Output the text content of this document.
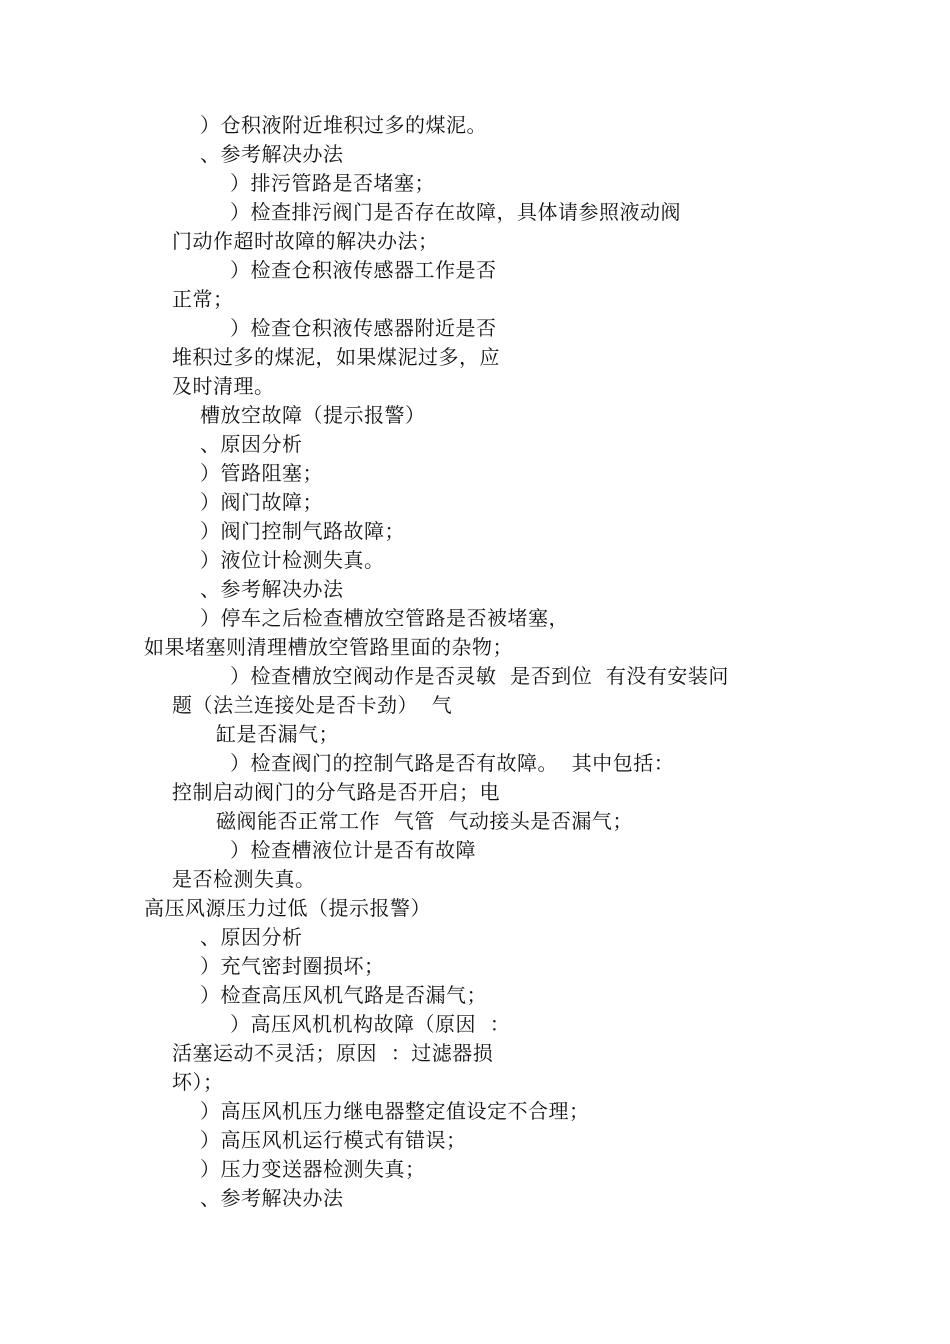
）仓积液附近堆积过多的煤泥。
、参考解决办法
）排污管路是否堵塞；
）检查排污阀门是否存在故障，具体请参照液动阀
门动作超时故障的解决办法；
）检查仓积液传感器工作是否
正常；
）检查仓积液传感器附近是否
堆积过多的煤泥，如果煤泥过多，应
及时清理。
槽放空故障（提示报警）
、原因分析
）管路阻塞；
）阀门故障；
）阀门控制气路故障；
）液位计检测失真。
、参考解决办法
）停车之后检查槽放空管路是否被堵塞，
如果堵塞则清理槽放空管路里面的杂物；
）检查槽放空阀动作是否灵敏  是否到位  有没有安装问
题（法兰连接处是否卡劲）  气
缸是否漏气；
）检查阀门的控制气路是否有故障。  其中包括：
控制启动阀门的分气路是否开启；电
磁阀能否正常工作  气管  气动接头是否漏气；
）检查槽液位计是否有故障
是否检测失真。
高压风源压力过低（提示报警）
、原因分析
）充气密封圈损坏；
）检查高压风机气路是否漏气；
）高压风机机构故障（原因  ：
活塞运动不灵活；原因  ：过滤器损
坏）；
）高压风机压力继电器整定值设定不合理；
）高压风机运行模式有错误；
）压力变送器检测失真；
、参考解决办法
